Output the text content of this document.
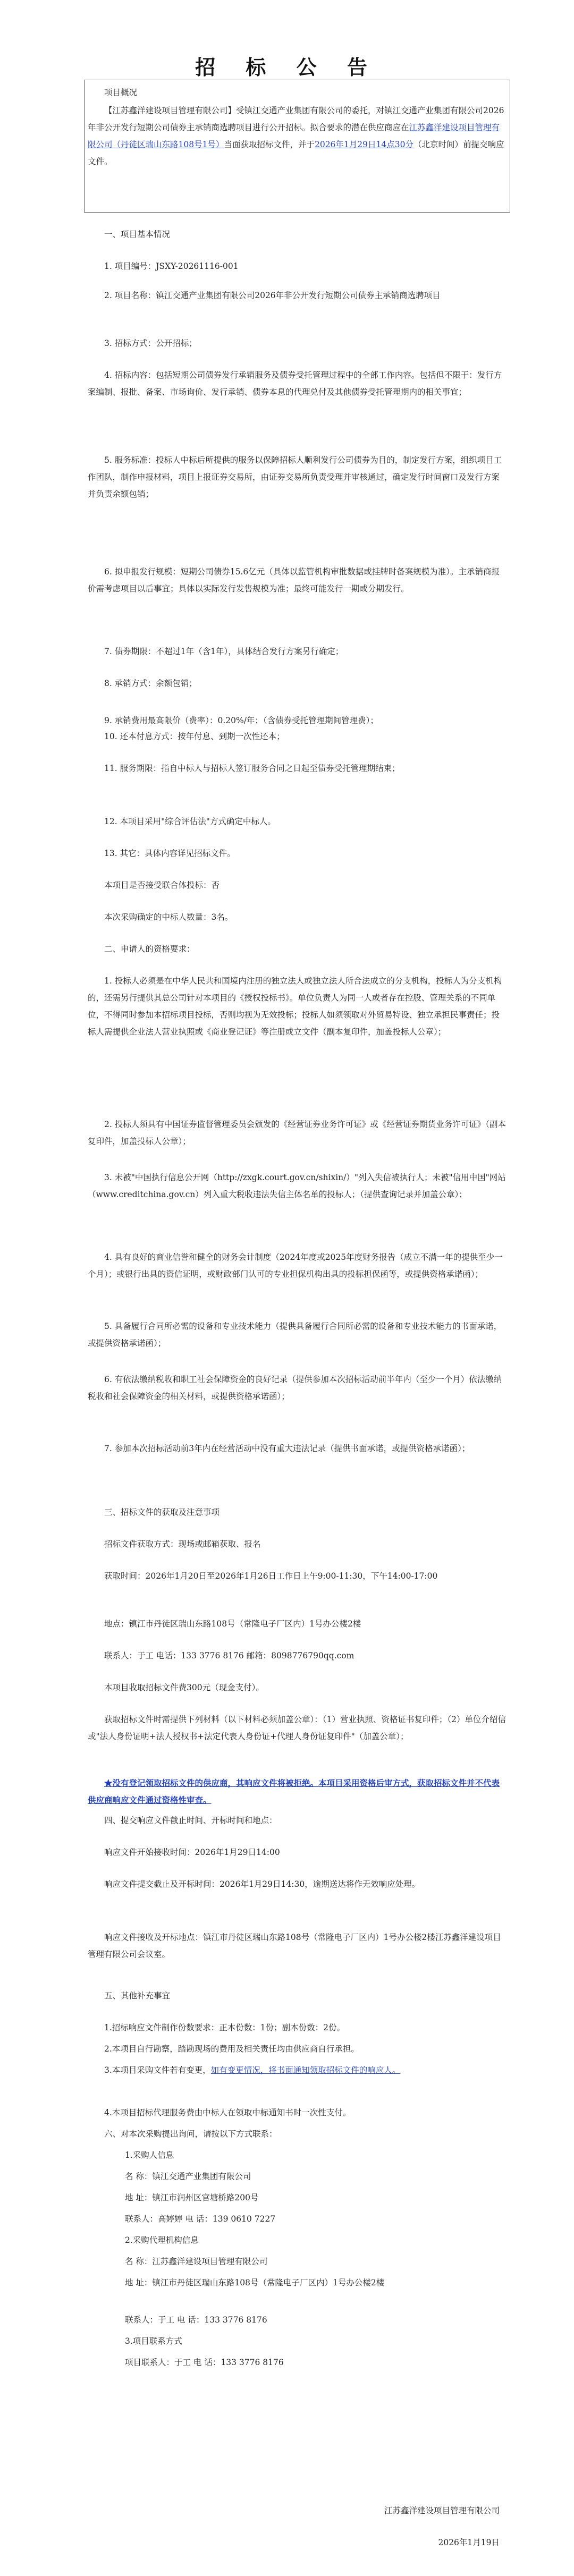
招 标 公 告

项目概况

【江苏鑫洋建设项目管理有限公司】受镇江交通产业集团有限公司的委托，对镇江交通产业集团有限公司2026年非公开发行短期公司债券主承销商选聘项目进行公开招标。拟合要求的潜在供应商应在江苏鑫洋建设项目管理有限公司（丹徒区瑞山东路108号1号）当面获取招标文件，并于2026年1月29日14点30分（北京时间）前提交响应文件。

一、项目基本情况

1. 项目编号：JSXY-20261116-001

2. 项目名称：镇江交通产业集团有限公司2026年非公开发行短期公司债券主承销商选聘项目

3. 招标方式：公开招标；

4. 招标内容：包括短期公司债券发行承销服务及债券受托管理过程中的全部工作内容。包括但不限于：发行方案编制、报批、备案、市场询价、发行承销、债券本息的代理兑付及其他债券受托管理期内的相关事宜；

5. 服务标准：投标人中标后所提供的服务以保障招标人顺利发行公司债券为目的，制定发行方案，组织项目工作团队，制作申报材料，项目上报证券交易所，由证券交易所负责受理并审核通过，确定发行时间窗口及发行方案并负责余额包销；

6. 拟申报发行规模：短期公司债券15.6亿元（具体以监管机构审批数据或挂牌时备案规模为准）。主承销商报价需考虑项目以后事宜；具体以实际发行发售规模为准；最终可能发行一期或分期发行。

7. 债券期限：不超过1年（含1年），具体结合发行方案另行确定；

8. 承销方式：余额包销；

9. 承销费用最高限价（费率）：0.20%/年；（含债券受托管理期间管理费）；

10. 还本付息方式：按年付息、到期一次性还本；

11. 服务期限：指自中标人与招标人签订服务合同之日起至债券受托管理期结束；

12. 本项目采用"综合评估法"方式确定中标人。

13. 其它：具体内容详见招标文件。

本项目是否接受联合体投标：否

本次采购确定的中标人数量：3名。

二、申请人的资格要求：

1. 投标人必须是在中华人民共和国境内注册的独立法人或独立法人所合法成立的分支机构，投标人为分支机构的，还需另行提供其总公司针对本项目的《授权投标书》。单位负责人为同一人或者存在控股、管理关系的不同单位，不得同时参加本招标项目投标，否则均视为无效投标；投标人如须领取对外贸易特设、独立承担民事责任；投标人需提供企业法人营业执照或《商业登记证》等注册或立文件（副本复印件，加盖投标人公章）；

2. 投标人须具有中国证券监督管理委员会颁发的《经营证券业务许可证》或《经营证券期货业务许可证》（副本复印件，加盖投标人公章）；

3. 未被"中国执行信息公开网（http://zxgk.court.gov.cn/shixin/）"列入失信被执行人；未被"信用中国"网站（www.creditchina.gov.cn）列入重大税收违法失信主体名单的投标人；（提供查询记录并加盖公章）；

4. 具有良好的商业信誉和健全的财务会计制度（2024年度或2025年度财务报告（成立不满一年的提供至少一个月）；或银行出具的资信证明，或财政部门认可的专业担保机构出具的投标担保函等，或提供资格承诺函）；

5. 具备履行合同所必需的设备和专业技术能力（提供具备履行合同所必需的设备和专业技术能力的书面承诺，或提供资格承诺函）；

6. 有依法缴纳税收和职工社会保障资金的良好记录（提供参加本次招标活动前半年内（至少一个月）依法缴纳税收和社会保障资金的相关材料，或提供资格承诺函）；

7. 参加本次招标活动前3年内在经营活动中没有重大违法记录（提供书面承诺，或提供资格承诺函）；

三、招标文件的获取及注意事项

招标文件获取方式：现场或邮箱获取、报名

获取时间：2026年1月20日至2026年1月26日工作日上午9:00-11:30，下午14:00-17:00

地点：镇江市丹徒区瑞山东路108号（常隆电子厂区内）1号办公楼2楼

联系人：于工 电话：133 3776 8176 邮箱：8098776790qq.com

本项目收取招标文件费300元（现金支付）。

获取招标文件时需提供下列材料（以下材料必须加盖公章）：（1）营业执照、资格证书复印件；（2）单位介绍信或"法人身份证明+法人授权书+法定代表人身份证+代理人身份证复印件"（加盖公章）；

★没有登记领取招标文件的供应商，其响应文件将被拒绝。本项目采用资格后审方式，获取招标文件并不代表供应商响应文件通过资格性审查。

四、提交响应文件截止时间、开标时间和地点：

响应文件开始接收时间：2026年1月29日14:00

响应文件提交截止及开标时间：2026年1月29日14:30，逾期送达将作无效响应处理。

响应文件接收及开标地点：镇江市丹徒区瑞山东路108号（常隆电子厂区内）1号办公楼2楼江苏鑫洋建设项目管理有限公司会议室。

五、其他补充事宜

1.招标响应文件制作份数要求：正本份数：1份；副本份数：2份。

2.本项目自行勘察，踏勘现场的费用及相关责任均由供应商自行承担。

3.本项目采购文件若有变更，如有变更情况，将书面通知领取招标文件的响应人。

4.本项目招标代理服务费由中标人在领取中标通知书时一次性支付。

六、对本次采购提出询问，请按以下方式联系：

1.采购人信息

名 称：镇江交通产业集团有限公司

地 址：镇江市润州区官塘桥路200号

联系人：高婷婷 电 话：139 0610 7227

2.采购代理机构信息

名 称：江苏鑫洋建设项目管理有限公司

地 址：镇江市丹徒区瑞山东路108号（常隆电子厂区内）1号办公楼2楼

联系人：于工 电 话：133 3776 8176

3.项目联系方式

项目联系人：于工 电 话：133 3776 8176

江苏鑫洋建设项目管理有限公司
2026年1月19日
